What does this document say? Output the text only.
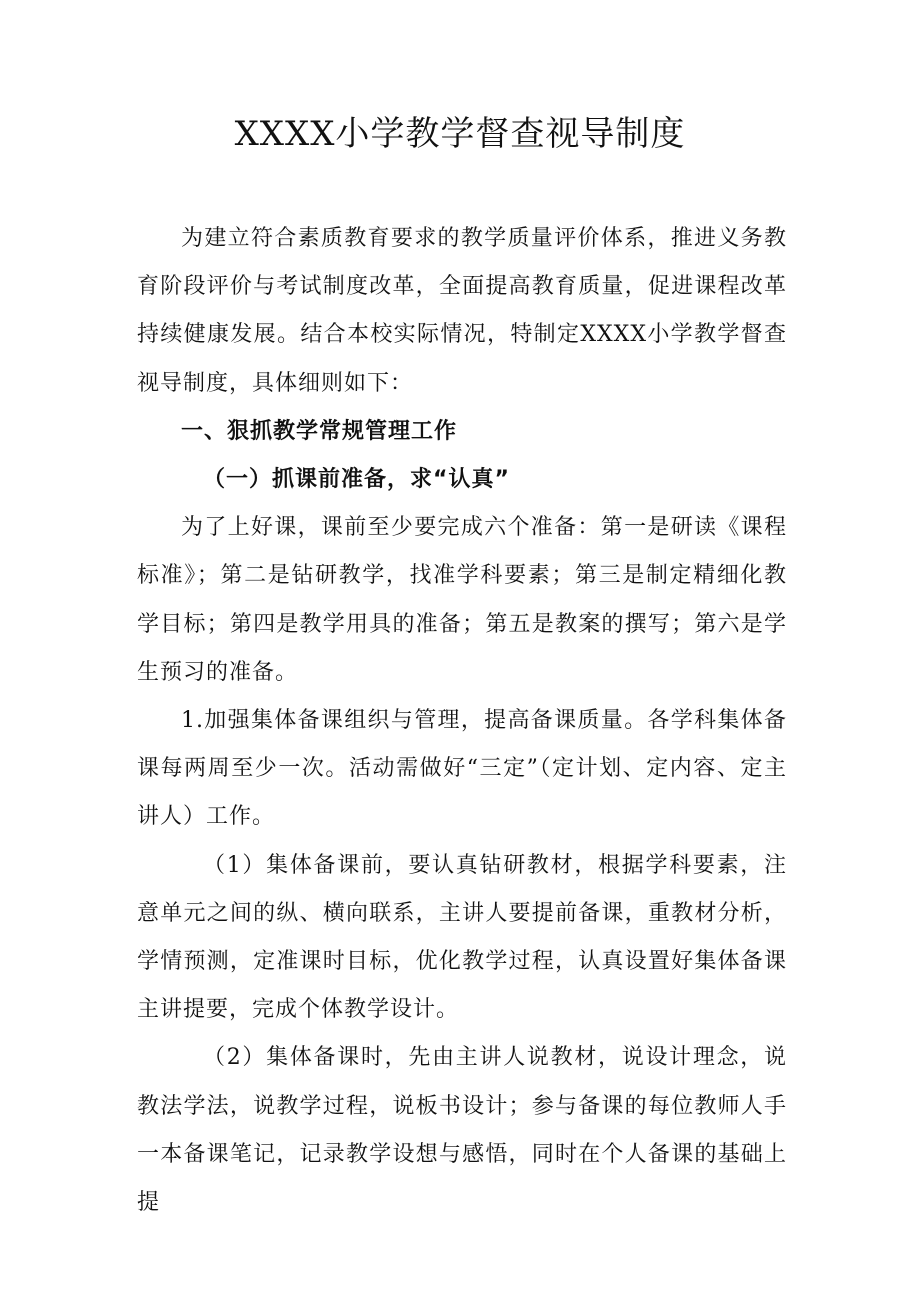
XXXX小学教学督查视导制度

为建立符合素质教育要求的教学质量评价体系，推进义务教育阶段评价与考试制度改革，全面提高教育质量，促进课程改革持续健康发展。结合本校实际情况，特制定XXXX小学教学督查视导制度，具体细则如下：

一、狠抓教学常规管理工作

（一）抓课前准备，求“认真”

为了上好课，课前至少要完成六个准备：第一是研读《课程标准》；第二是钻研教学，找准学科要素；第三是制定精细化教学目标；第四是教学用具的准备；第五是教案的撰写；第六是学生预习的准备。

1.加强集体备课组织与管理，提高备课质量。各学科集体备课每两周至少一次。活动需做好“三定”（定计划、定内容、定主讲人）工作。

（1）集体备课前，要认真钻研教材，根据学科要素，注意单元之间的纵、横向联系，主讲人要提前备课，重教材分析，学情预测，定准课时目标，优化教学过程，认真设置好集体备课主讲提要，完成个体教学设计。

（2）集体备课时，先由主讲人说教材，说设计理念，说教法学法，说教学过程，说板书设计；参与备课的每位教师人手一本备课笔记，记录教学设想与感悟，同时在个人备课的基础上提
